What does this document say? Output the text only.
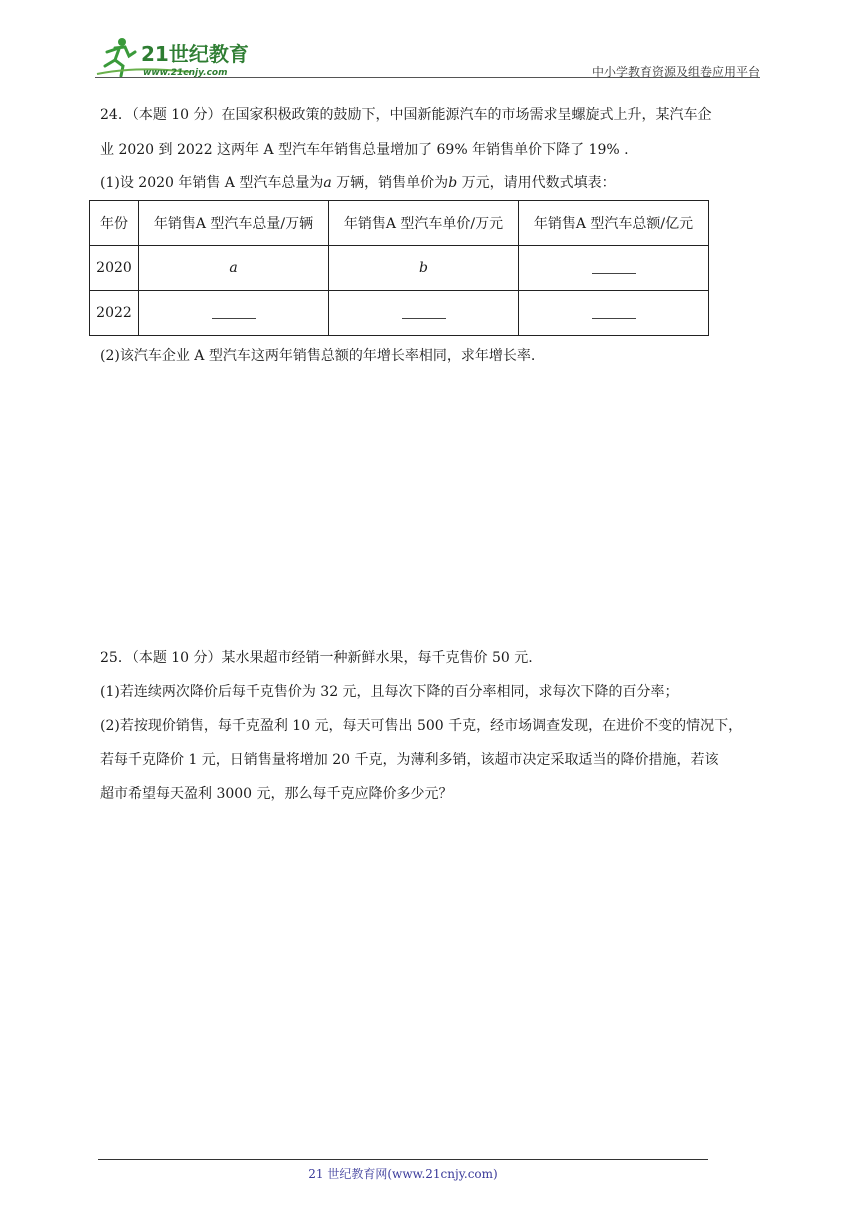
21世纪教育
www.21cnjy.com	中小学教育资源及组卷应用平台
24．（本题 10 分）在国家积极政策的鼓励下，中国新能源汽车的市场需求呈螺旋式上升，某汽车企
业 2020 到 2022 这两年 A 型汽车年销售总量增加了 69% 年销售单价下降了 19% .
(1)设 2020 年销售 A 型汽车总量为a 万辆，销售单价为b 万元，请用代数式填表：
年份	年销售A 型汽车总量/万辆	年销售A 型汽车单价/万元	年销售A 型汽车总额/亿元
2020	a	b	
2022			
(2)该汽车企业 A 型汽车这两年销售总额的年增长率相同，求年增长率.
25．（本题 10 分）某水果超市经销一种新鲜水果，每千克售价 50 元.
(1)若连续两次降价后每千克售价为 32 元，且每次下降的百分率相同，求每次下降的百分率；
(2)若按现价销售，每千克盈利 10 元，每天可售出 500 千克，经市场调查发现，在进价不变的情况下，
若每千克降价 1 元，日销售量将增加 20 千克，为薄利多销，该超市决定采取适当的降价措施，若该
超市希望每天盈利 3000 元，那么每千克应降价多少元？
21 世纪教育网(www.21cnjy.com)
